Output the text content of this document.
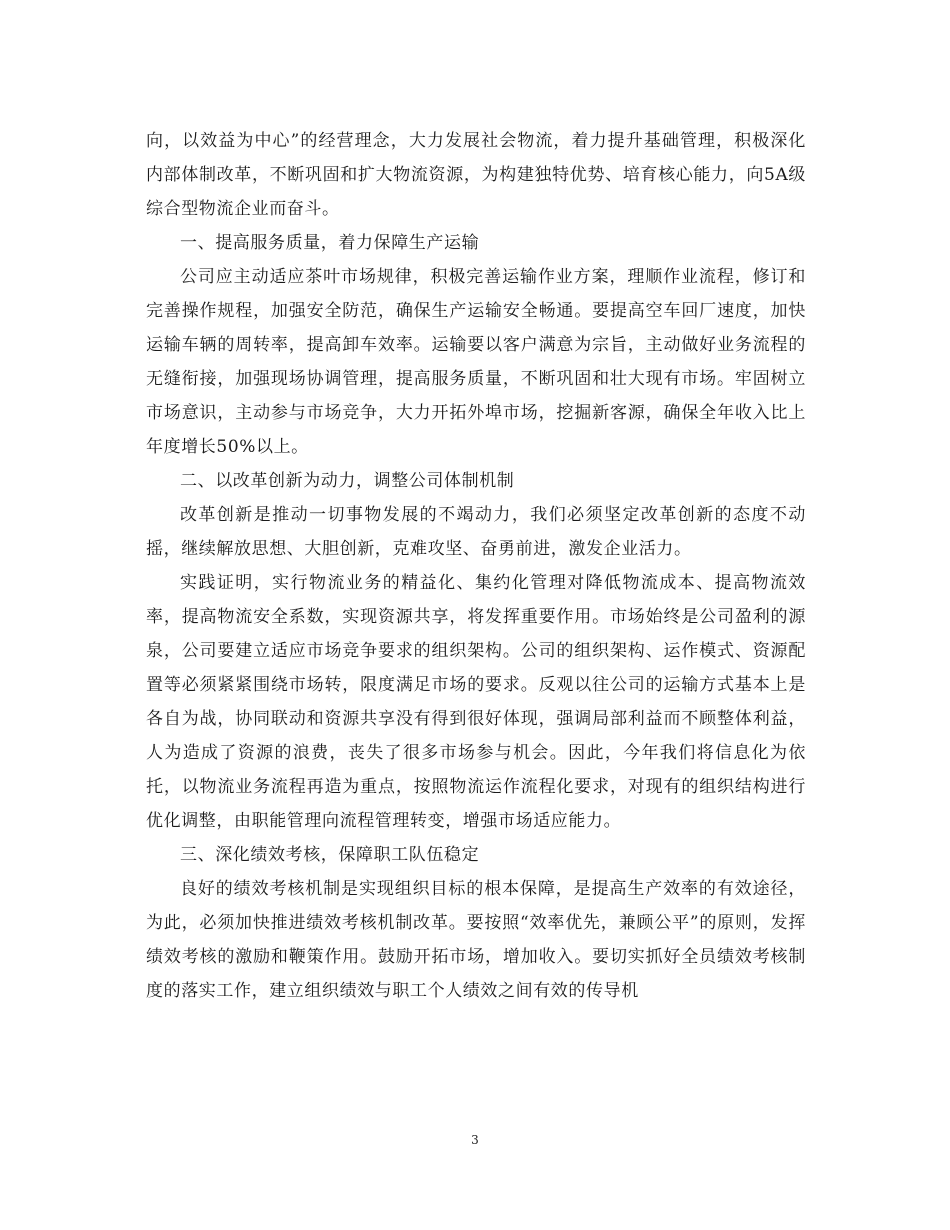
向，以效益为中心”的经营理念，大力发展社会物流，着力提升基础管理，积极深化内部体制改革，不断巩固和扩大物流资源，为构建独特优势、培育核心能力，向5A级综合型物流企业而奋斗。

一、提高服务质量，着力保障生产运输

公司应主动适应茶叶市场规律，积极完善运输作业方案，理顺作业流程，修订和完善操作规程，加强安全防范，确保生产运输安全畅通。要提高空车回厂速度，加快运输车辆的周转率，提高卸车效率。运输要以客户满意为宗旨，主动做好业务流程的无缝衔接，加强现场协调管理，提高服务质量，不断巩固和壮大现有市场。牢固树立市场意识，主动参与市场竞争，大力开拓外埠市场，挖掘新客源，确保全年收入比上年度增长50%以上。

二、以改革创新为动力，调整公司体制机制

改革创新是推动一切事物发展的不竭动力，我们必须坚定改革创新的态度不动摇，继续解放思想、大胆创新，克难攻坚、奋勇前进，激发企业活力。

实践证明，实行物流业务的精益化、集约化管理对降低物流成本、提高物流效率，提高物流安全系数，实现资源共享，将发挥重要作用。市场始终是公司盈利的源泉，公司要建立适应市场竞争要求的组织架构。公司的组织架构、运作模式、资源配置等必须紧紧围绕市场转，限度满足市场的要求。反观以往公司的运输方式基本上是各自为战，协同联动和资源共享没有得到很好体现，强调局部利益而不顾整体利益，人为造成了资源的浪费，丧失了很多市场参与机会。因此，今年我们将信息化为依托，以物流业务流程再造为重点，按照物流运作流程化要求，对现有的组织结构进行优化调整，由职能管理向流程管理转变，增强市场适应能力。

三、深化绩效考核，保障职工队伍稳定

良好的绩效考核机制是实现组织目标的根本保障，是提高生产效率的有效途径，为此，必须加快推进绩效考核机制改革。要按照“效率优先，兼顾公平”的原则，发挥绩效考核的激励和鞭策作用。鼓励开拓市场，增加收入。要切实抓好全员绩效考核制度的落实工作，建立组织绩效与职工个人绩效之间有效的传导机

3
